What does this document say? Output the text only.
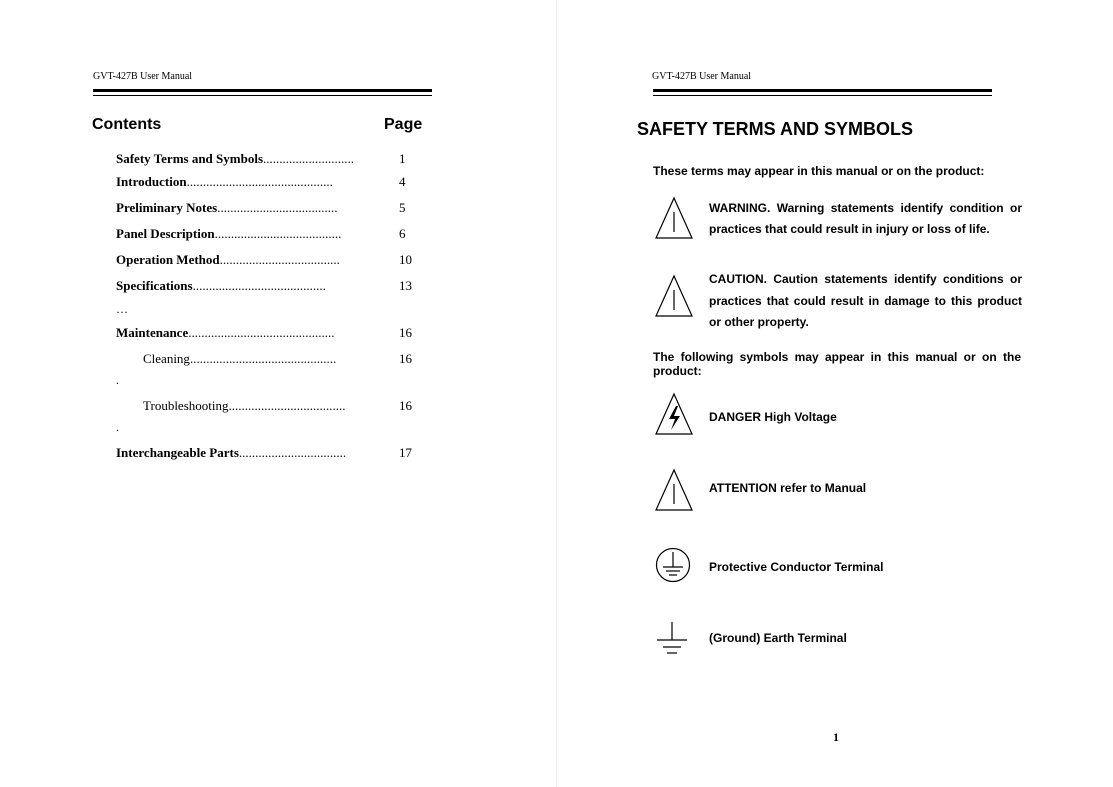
GVT-427B User Manual
Contents	Page
Safety Terms and Symbols............................	1
Introduction.............................................	4
Preliminary Notes.....................................	5
Panel Description.......................................	6
Operation Method.....................................	10
Specifications.........................................	13
…
Maintenance.............................................	16
Cleaning.............................................	16
.
Troubleshooting....................................	16
.
Interchangeable Parts.................................	17
GVT-427B User Manual
SAFETY TERMS AND SYMBOLS
These terms may appear in this manual or on the product:
WARNING. Warning statements identify condition or practices that could result in injury or loss of life.
CAUTION. Caution statements identify conditions or practices that could result in damage to this product or other property.
The following symbols may appear in this manual or on the product:
DANGER High Voltage
ATTENTION refer to Manual
Protective Conductor Terminal
(Ground) Earth Terminal
1
